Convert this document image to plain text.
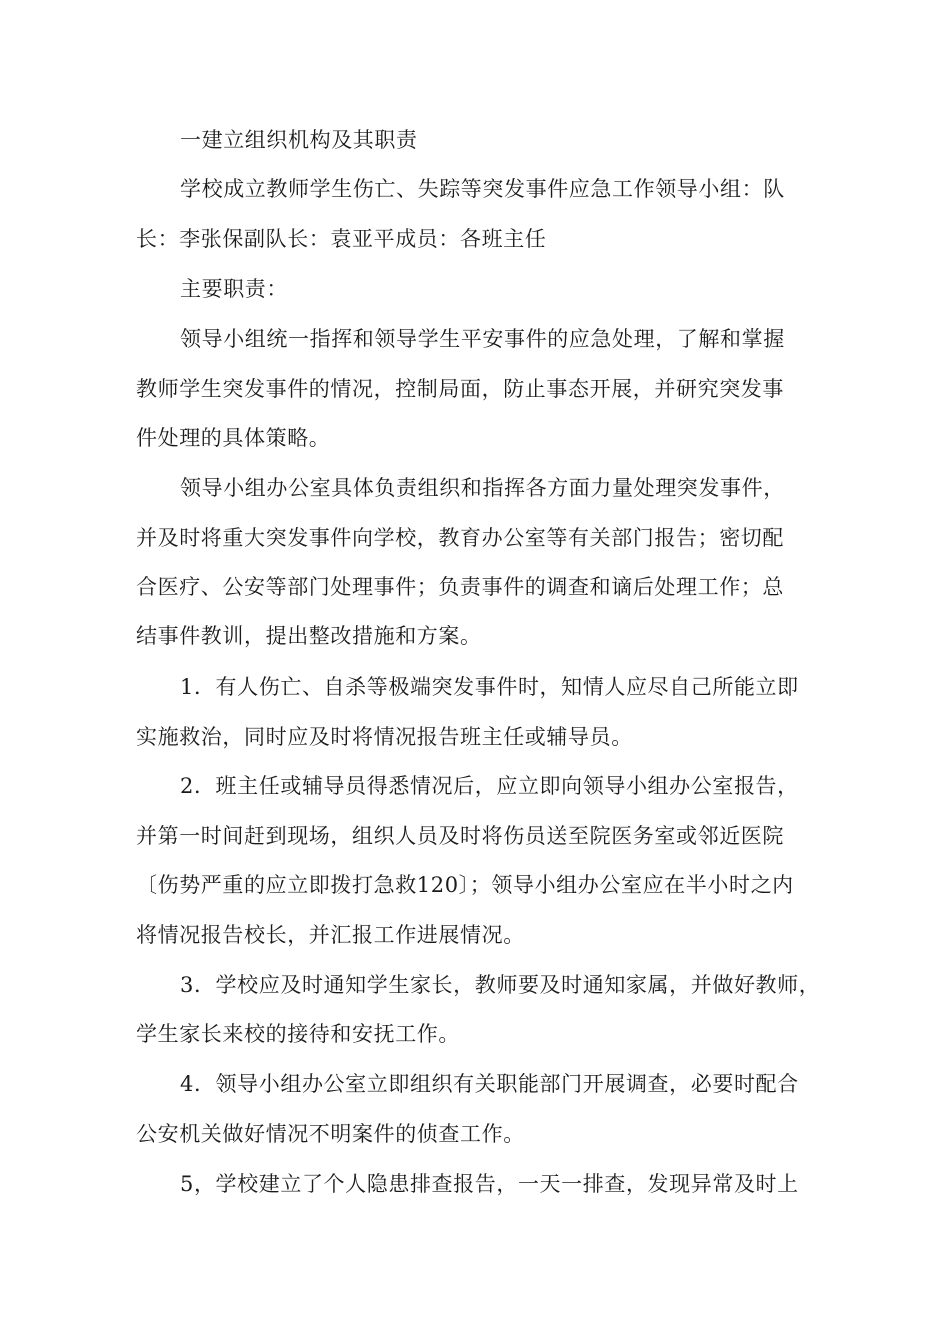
一建立组织机构及其职责
学校成立教师学生伤亡、失踪等突发事件应急工作领导小组：队
长：李张保副队长：袁亚平成员：各班主任
主要职责：
领导小组统一指挥和领导学生平安事件的应急处理，了解和掌握
教师学生突发事件的情况，控制局面，防止事态开展，并研究突发事
件处理的具体策略。
领导小组办公室具体负责组织和指挥各方面力量处理突发事件，
并及时将重大突发事件向学校，教育办公室等有关部门报告；密切配
合医疗、公安等部门处理事件；负责事件的调查和谪后处理工作；总
结事件教训，提出整改措施和方案。
1．有人伤亡、自杀等极端突发事件时，知情人应尽自己所能立即
实施救治，同时应及时将情况报告班主任或辅导员。
2．班主任或辅导员得悉情况后，应立即向领导小组办公室报告，
并第一时间赶到现场，组织人员及时将伤员送至院医务室或邻近医院
〔伤势严重的应立即拨打急救120〕；领导小组办公室应在半小时之内
将情况报告校长，并汇报工作进展情况。
3．学校应及时通知学生家长，教师要及时通知家属，并做好教师，
学生家长来校的接待和安抚工作。
4．领导小组办公室立即组织有关职能部门开展调查，必要时配合
公安机关做好情况不明案件的侦查工作。
5，学校建立了个人隐患排查报告，一天一排查，发现异常及时上
